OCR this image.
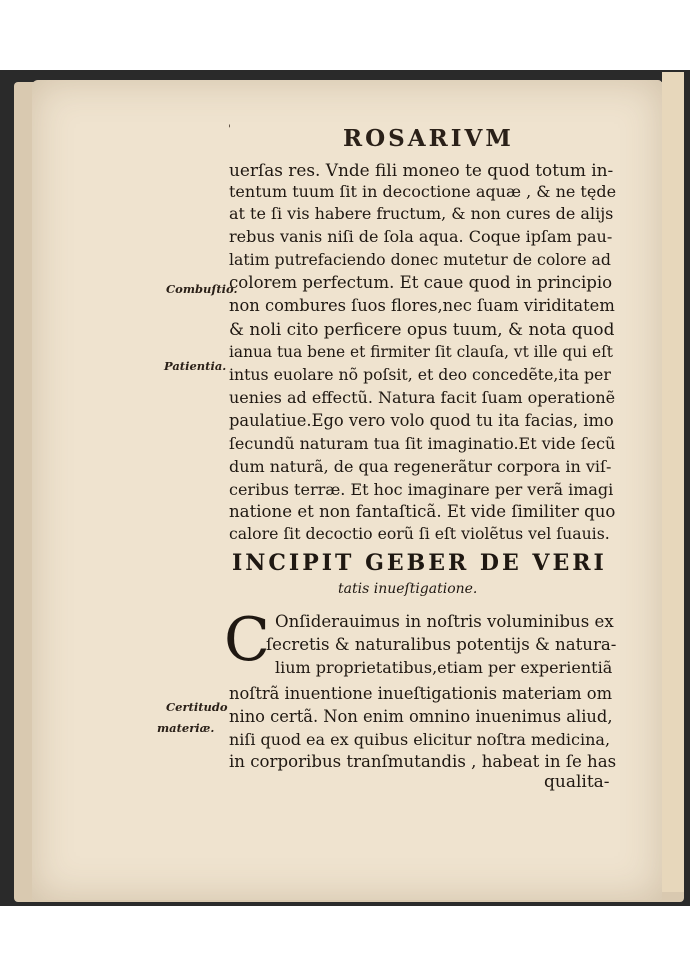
'	ROSARIVM

uerſas res. Vnde fili moneo te quod totum in-

tentum tuum ſit in decoctione aquæ , & ne tęde

at te ſi vis habere fructum, & non cures de alijs

rebus vanis niſi de ſola aqua. Coque ipſam pau-

latim putrefaciendo donec mutetur de colore ad

colorem perfectum. Et caue quod in principio

non combures ſuos flores,nec ſuam viriditatem

& noli cito perficere opus tuum, & nota quod

ianua tua bene et firmiter ſit clauſa, vt ille qui eſt

intus euolare nõ poſsit, et deo concedẽte,ita per

uenies ad effectũ. Natura facit ſuam operationẽ

paulatiue.Ego vero volo quod tu ita facias, imo

ſecundũ naturam tua ſit imaginatio.Et vide ſecũ

dum naturã, de qua regenerãtur corpora in viſ-

ceribus terræ. Et hoc imaginare per verã imagi

natione et non fantaſticã. Et vide ſimiliter quo

calore ſit decoctio eorũ ſi eſt violẽtus vel ſuauis.

Combuſtio.

Patientia.

INCIPIT GEBER DE VERI

tatis inueſtigatione.

C Onſiderauimus in noſtris voluminibus ex

ſecretis & naturalibus potentijs & natura-

lium proprietatibus,etiam per experientiã

noſtrã inuentione inueſtigationis materiam om

nino certã. Non enim omnino inuenimus aliud,

niſi quod ea ex quibus elicitur noſtra medicina,

in corporibus tranſmutandis , habeat in ſe has

Certitudo

materiæ.

qualita-
